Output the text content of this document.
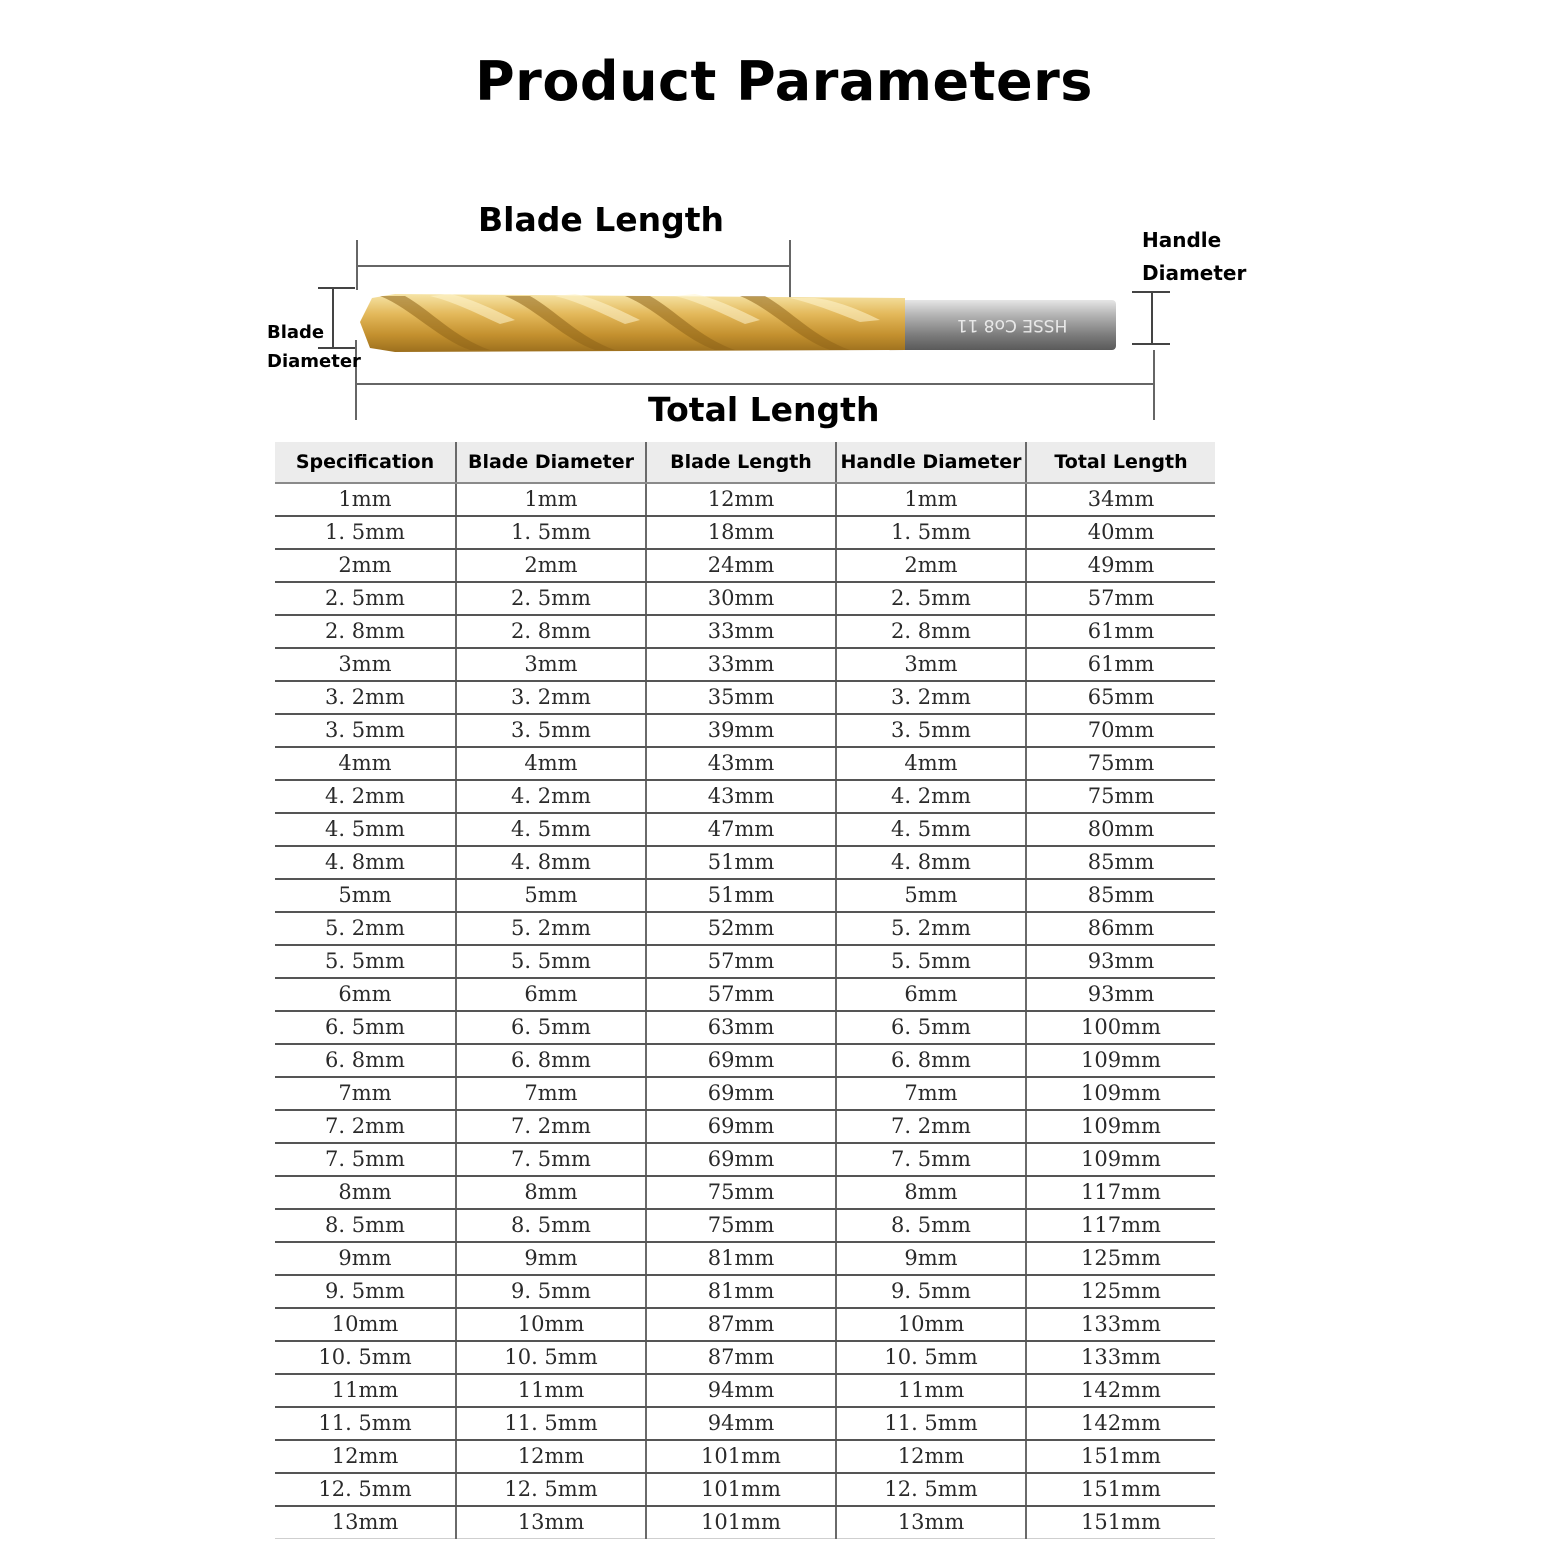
Product Parameters
HSSE Co8 11
Blade Length
Total Length
Handle
Diameter
Blade
Diameter
Specification	Blade Diameter	Blade Length	Handle Diameter	Total Length
1mm	1mm	12mm	1mm	34mm
1. 5mm	1. 5mm	18mm	1. 5mm	40mm
2mm	2mm	24mm	2mm	49mm
2. 5mm	2. 5mm	30mm	2. 5mm	57mm
2. 8mm	2. 8mm	33mm	2. 8mm	61mm
3mm	3mm	33mm	3mm	61mm
3. 2mm	3. 2mm	35mm	3. 2mm	65mm
3. 5mm	3. 5mm	39mm	3. 5mm	70mm
4mm	4mm	43mm	4mm	75mm
4. 2mm	4. 2mm	43mm	4. 2mm	75mm
4. 5mm	4. 5mm	47mm	4. 5mm	80mm
4. 8mm	4. 8mm	51mm	4. 8mm	85mm
5mm	5mm	51mm	5mm	85mm
5. 2mm	5. 2mm	52mm	5. 2mm	86mm
5. 5mm	5. 5mm	57mm	5. 5mm	93mm
6mm	6mm	57mm	6mm	93mm
6. 5mm	6. 5mm	63mm	6. 5mm	100mm
6. 8mm	6. 8mm	69mm	6. 8mm	109mm
7mm	7mm	69mm	7mm	109mm
7. 2mm	7. 2mm	69mm	7. 2mm	109mm
7. 5mm	7. 5mm	69mm	7. 5mm	109mm
8mm	8mm	75mm	8mm	117mm
8. 5mm	8. 5mm	75mm	8. 5mm	117mm
9mm	9mm	81mm	9mm	125mm
9. 5mm	9. 5mm	81mm	9. 5mm	125mm
10mm	10mm	87mm	10mm	133mm
10. 5mm	10. 5mm	87mm	10. 5mm	133mm
11mm	11mm	94mm	11mm	142mm
11. 5mm	11. 5mm	94mm	11. 5mm	142mm
12mm	12mm	101mm	12mm	151mm
12. 5mm	12. 5mm	101mm	12. 5mm	151mm
13mm	13mm	101mm	13mm	151mm
